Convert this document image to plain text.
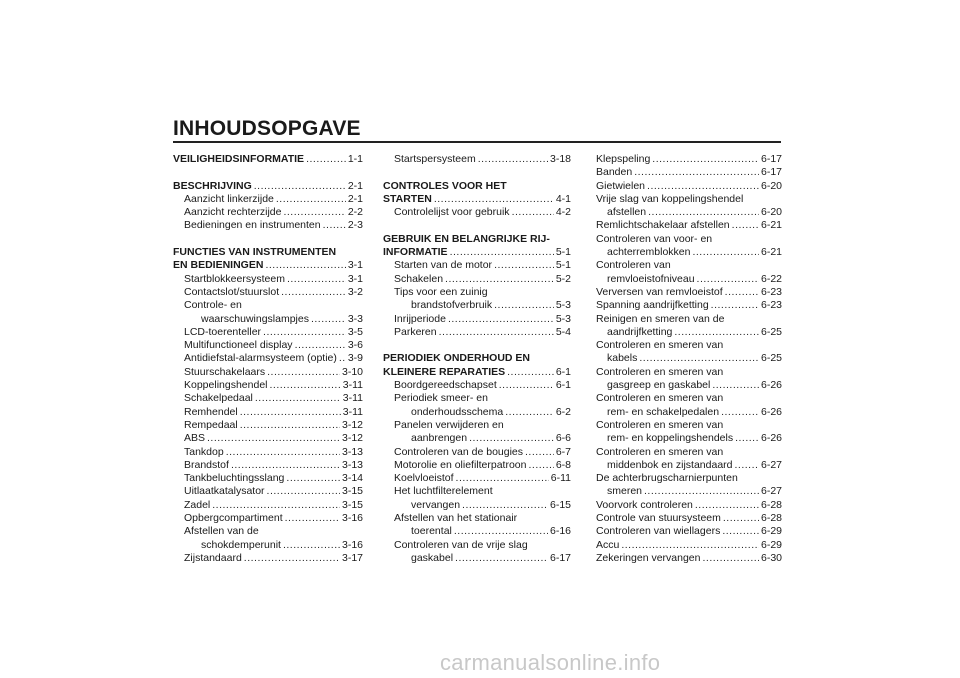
INHOUDSOPGAVE
VEILIGHEIDSINFORMATIE .....	1-1
BESCHRIJVING .....	2-1
Aanzicht linkerzijde .....	2-1
Aanzicht rechterzijde .....	2-2
Bedieningen en instrumenten .....	2-3
FUNCTIES VAN INSTRUMENTEN
EN BEDIENINGEN .....	3-1
Startblokkeersysteem .....	3-1
Contactslot/stuurslot .....	3-2
Controle- en
waarschuwingslampjes .....	3-3
LCD-toerenteller .....	3-5
Multifunctioneel display .....	3-6
Antidiefstal-alarmsysteem (optie) ..... 3-9
Stuurschakelaars .....	3-10
Koppelingshendel .....	3-11
Schakelpedaal .....	3-11
Remhendel .....	3-11
Rempedaal .....	3-12
ABS .....	3-12
Tankdop .....	3-13
Brandstof .....	3-13
Tankbeluchtingsslang .....	3-14
Uitlaatkatalysator .....	3-15
Zadel .....	3-15
Opbergcompartiment .....	3-16
Afstellen van de
schokdemperunit .....	3-16
Zijstandaard .....	3-17
Startspersysteem .....	3-18
CONTROLES VOOR HET
STARTEN .....	4-1
Controlelijst voor gebruik .....	4-2
GEBRUIK EN BELANGRIJKE RIJ-
INFORMATIE .....	5-1
Starten van de motor .....	5-1
Schakelen .....	5-2
Tips voor een zuinig
brandstofverbruik .....	5-3
Inrijperiode .....	5-3
Parkeren .....	5-4
PERIODIEK ONDERHOUD EN
KLEINERE REPARATIES .....	6-1
Boordgereedschapset .....	6-1
Periodiek smeer- en
onderhoudsschema .....	6-2
Panelen verwijderen en
aanbrengen .....	6-6
Controleren van de bougies .....	6-7
Motorolie en oliefilterpatroon .....	6-8
Koelvloeistof .....	6-11
Het luchtfilterelement
vervangen .....	6-15
Afstellen van het stationair
toerental .....	6-16
Controleren van de vrije slag
gaskabel .....	6-17
Klepspeling .....	6-17
Banden .....	6-17
Gietwielen .....	6-20
Vrije slag van koppelingshendel
afstellen .....	6-20
Remlichtschakelaar afstellen .....	6-21
Controleren van voor- en
achterremblokken .....	6-21
Controleren van
remvloeistofniveau .....	6-22
Verversen van remvloeistof .....	6-23
Spanning aandrijfketting .....	6-23
Reinigen en smeren van de
aandrijfketting .....	6-25
Controleren en smeren van
kabels .....	6-25
Controleren en smeren van
gasgreep en gaskabel .....	6-26
Controleren en smeren van
rem- en schakelpedalen .....	6-26
Controleren en smeren van
rem- en koppelingshendels .....	6-26
Controleren en smeren van
middenbok en zijstandaard .....	6-27
De achterbrugscharnierpunten
smeren .....	6-27
Voorvork controleren .....	6-28
Controle van stuursysteem .....	6-28
Controleren van wiellagers .....	6-29
Accu .....	6-29
Zekeringen vervangen .....	6-30
carmanualsonline.info
